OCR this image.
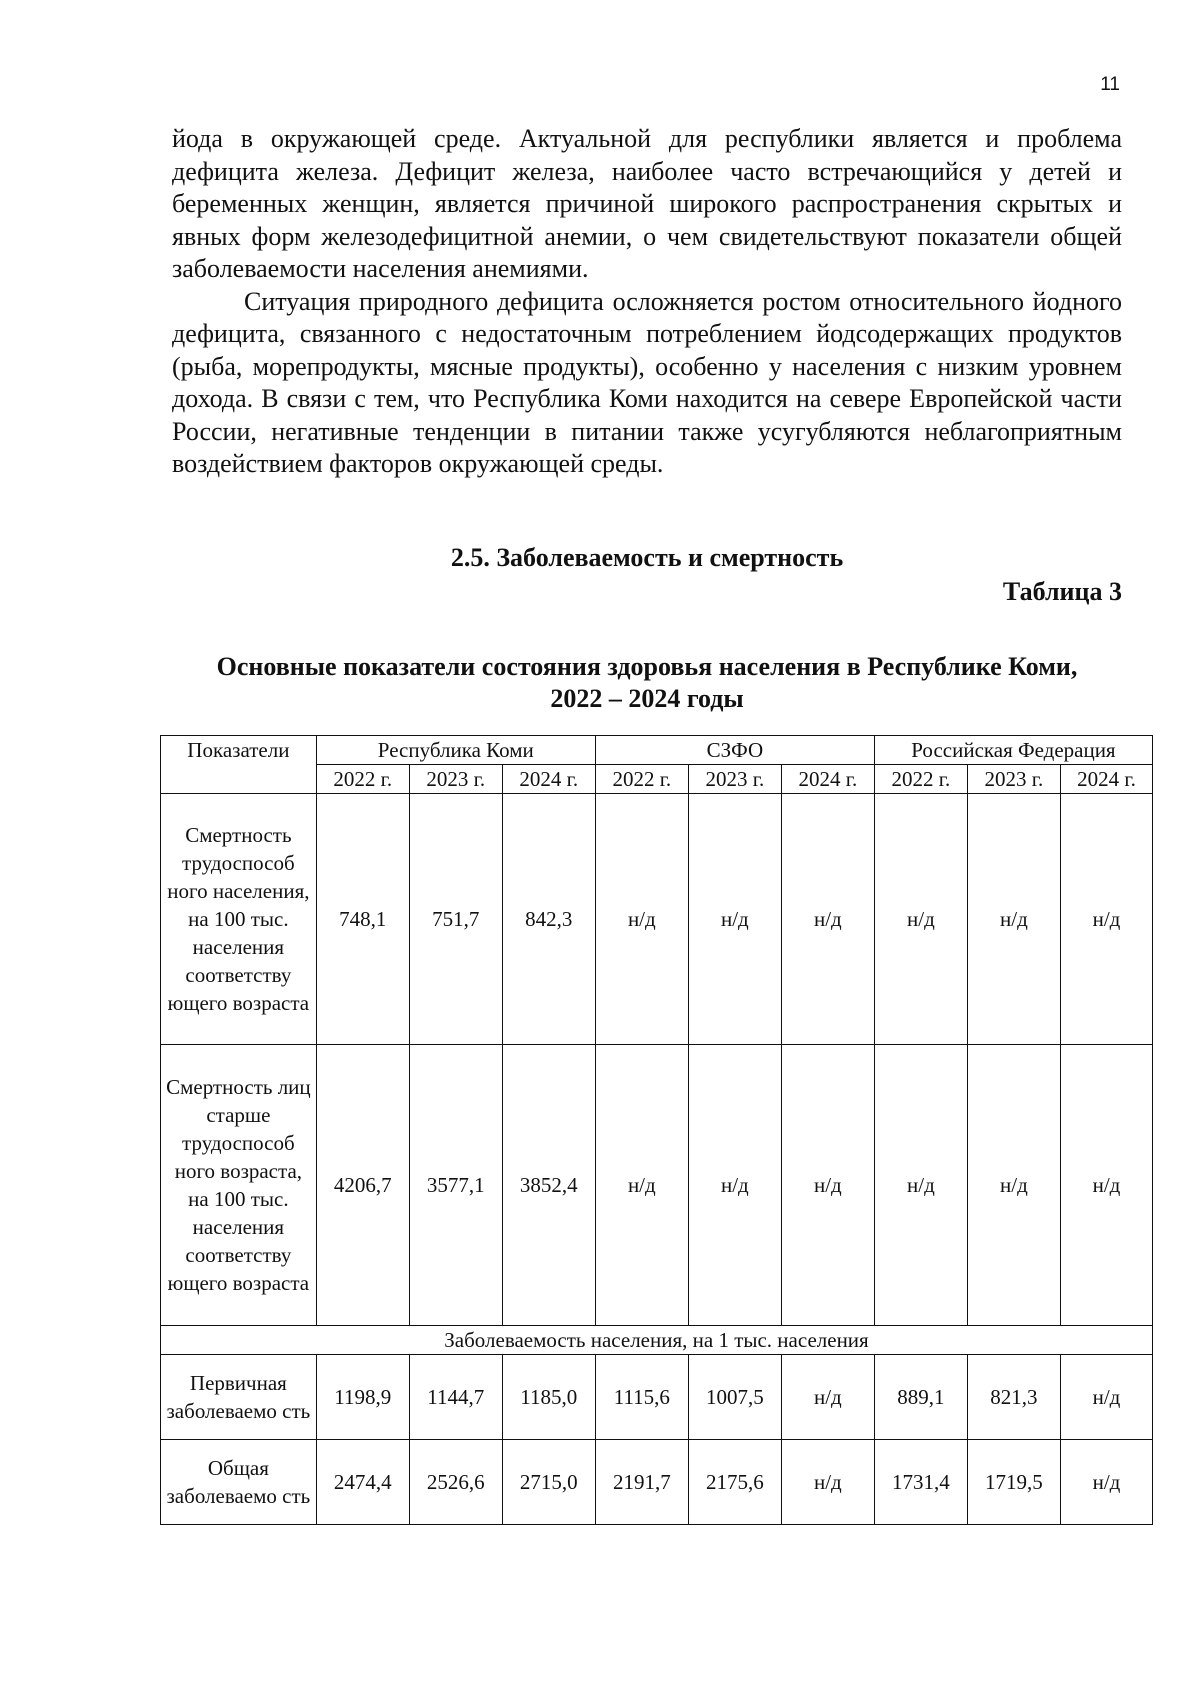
11

йода в окружающей среде. Актуальной для республики является и проблема дефицита железа. Дефицит железа, наиболее часто встречающийся у детей и беременных женщин, является причиной широкого распространения скрытых и явных форм железодефицитной анемии, о чем свидетельствуют показатели общей заболеваемости населения анемиями.

Ситуация природного дефицита осложняется ростом относительного йодного дефицита, связанного с недостаточным потреблением йодсодержащих продуктов (рыба, морепродукты, мясные продукты), особенно у населения с низким уровнем дохода. В связи с тем, что Республика Коми находится на севере Европейской части России, негативные тенденции в питании также усугубляются неблагоприятным воздействием факторов окружающей среды.

2.5. Заболеваемость и смертность
Таблица 3
Основные показатели состояния здоровья населения в Республике Коми,
2022 – 2024 годы
Показатели	Республика Коми			СЗФО			Российская Федерация		
	2022 г.	2023 г.	2024 г.	2022 г.	2023 г.	2024 г.	2022 г.	2023 г.	2024 г.
Смертность трудоспособ ного населения, на 100 тыс. населения соответству ющего возраста	748,1	751,7	842,3	н/д	н/д	н/д	н/д	н/д	н/д
Смертность лиц старше трудоспособ ного возраста, на 100 тыс. населения соответству ющего возраста	4206,7	3577,1	3852,4	н/д	н/д	н/д	н/д	н/д	н/д
Заболеваемость населения, на 1 тыс. населения									
Первичная заболеваемо сть	1198,9	1144,7	1185,0	1115,6	1007,5	н/д	889,1	821,3	н/д
Общая заболеваемо сть	2474,4	2526,6	2715,0	2191,7	2175,6	н/д	1731,4	1719,5	н/д
